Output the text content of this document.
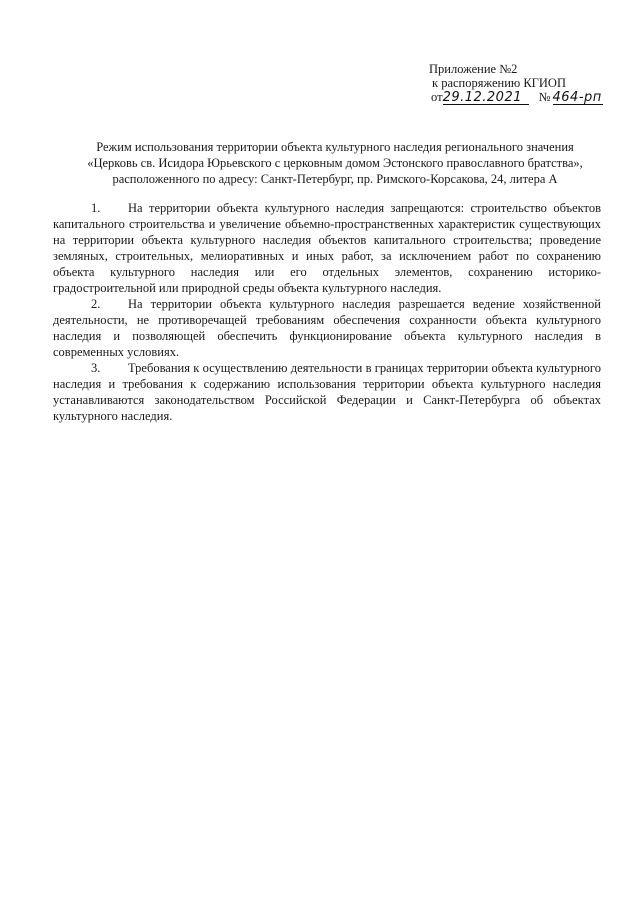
Приложение №2
к распоряжению КГИОП
от29.12.2021 № 464-рп
Режим использования территории объекта культурного наследия регионального значения
«Церковь св. Исидора Юрьевского с церковным домом Эстонского православного братства»,
расположенного по адресу: Санкт-Петербург, пр. Римского-Корсакова, 24, литера А

1. На территории объекта культурного наследия запрещаются: строительство объектов капитального строительства и увеличение объемно-пространственных характеристик существующих на территории объекта культурного наследия объектов капитального строительства; проведение земляных, строительных, мелиоративных и иных работ, за исключением работ по сохранению объекта культурного наследия или его отдельных элементов, сохранению историко-градостроительной или природной среды объекта культурного наследия.

2. На территории объекта культурного наследия разрешается ведение хозяйственной деятельности, не противоречащей требованиям обеспечения сохранности объекта культурного наследия и позволяющей обеспечить функционирование объекта культурного наследия в современных условиях.

3. Требования к осуществлению деятельности в границах территории объекта культурного наследия и требования к содержанию использования территории объекта культурного наследия устанавливаются законодательством Российской Федерации и Санкт-Петербурга об объектах культурного наследия.
